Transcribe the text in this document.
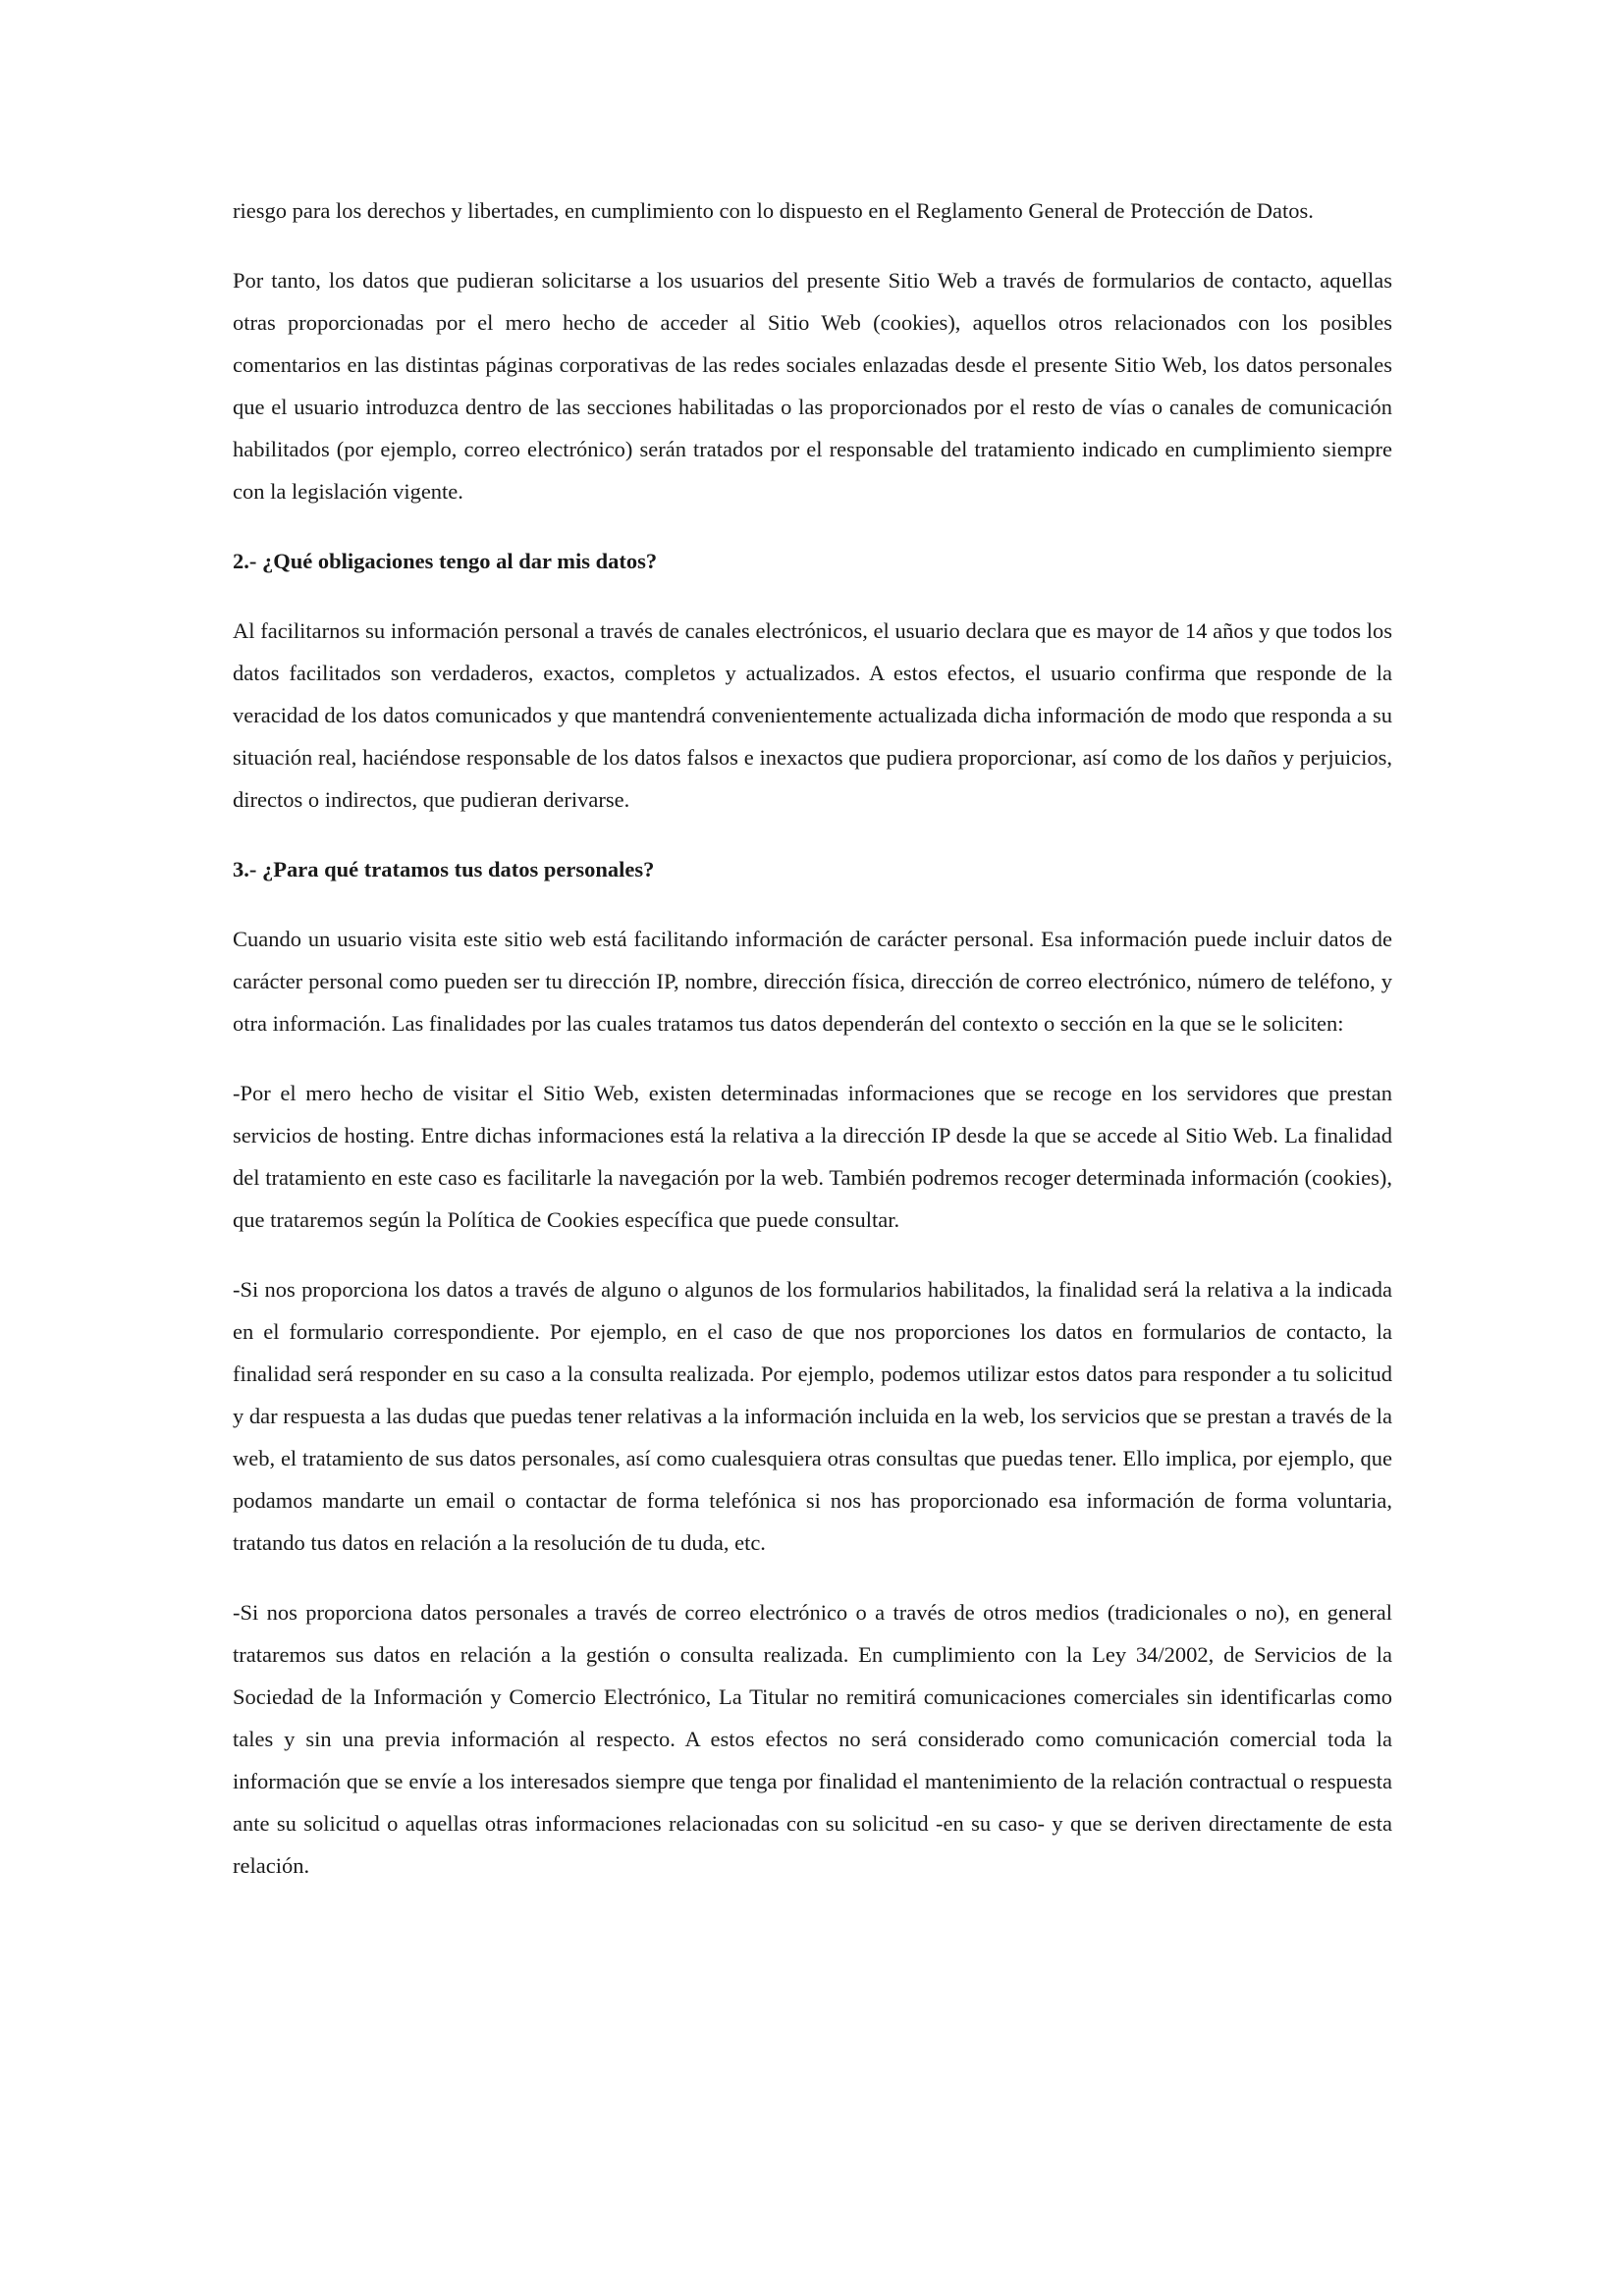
riesgo para los derechos y libertades, en cumplimiento con lo dispuesto en el Reglamento General de Protección de Datos.

Por tanto, los datos que pudieran solicitarse a los usuarios del presente Sitio Web a través de formularios de contacto, aquellas otras proporcionadas por el mero hecho de acceder al Sitio Web (cookies), aquellos otros relacionados con los posibles comentarios en las distintas páginas corporativas de las redes sociales enlazadas desde el presente Sitio Web, los datos personales que el usuario introduzca dentro de las secciones habilitadas o las proporcionados por el resto de vías o canales de comunicación habilitados (por ejemplo, correo electrónico) serán tratados por el responsable del tratamiento indicado en cumplimiento siempre con la legislación vigente.

2.- ¿Qué obligaciones tengo al dar mis datos?

Al facilitarnos su información personal a través de canales electrónicos, el usuario declara que es mayor de 14 años y que todos los datos facilitados son verdaderos, exactos, completos y actualizados. A estos efectos, el usuario confirma que responde de la veracidad de los datos comunicados y que mantendrá convenientemente actualizada dicha información de modo que responda a su situación real, haciéndose responsable de los datos falsos e inexactos que pudiera proporcionar, así como de los daños y perjuicios, directos o indirectos, que pudieran derivarse.

3.- ¿Para qué tratamos tus datos personales?

Cuando un usuario visita este sitio web está facilitando información de carácter personal. Esa información puede incluir datos de carácter personal como pueden ser tu dirección IP, nombre, dirección física, dirección de correo electrónico, número de teléfono, y otra información. Las finalidades por las cuales tratamos tus datos dependerán del contexto o sección en la que se le soliciten:

-Por el mero hecho de visitar el Sitio Web, existen determinadas informaciones que se recoge en los servidores que prestan servicios de hosting. Entre dichas informaciones está la relativa a la dirección IP desde la que se accede al Sitio Web. La finalidad del tratamiento en este caso es facilitarle la navegación por la web. También podremos recoger determinada información (cookies), que trataremos según la Política de Cookies específica que puede consultar.

-Si nos proporciona los datos a través de alguno o algunos de los formularios habilitados, la finalidad será la relativa a la indicada en el formulario correspondiente. Por ejemplo, en el caso de que nos proporciones los datos en formularios de contacto, la finalidad será responder en su caso a la consulta realizada. Por ejemplo, podemos utilizar estos datos para responder a tu solicitud y dar respuesta a las dudas que puedas tener relativas a la información incluida en la web, los servicios que se prestan a través de la web, el tratamiento de sus datos personales, así como cualesquiera otras consultas que puedas tener. Ello implica, por ejemplo, que podamos mandarte un email o contactar de forma telefónica si nos has proporcionado esa información de forma voluntaria, tratando tus datos en relación a la resolución de tu duda, etc.

-Si nos proporciona datos personales a través de correo electrónico o a través de otros medios (tradicionales o no), en general trataremos sus datos en relación a la gestión o consulta realizada. En cumplimiento con la Ley 34/2002, de Servicios de la Sociedad de la Información y Comercio Electrónico, La Titular no remitirá comunicaciones comerciales sin identificarlas como tales y sin una previa información al respecto. A estos efectos no será considerado como comunicación comercial toda la información que se envíe a los interesados siempre que tenga por finalidad el mantenimiento de la relación contractual o respuesta ante su solicitud o aquellas otras informaciones relacionadas con su solicitud -en su caso- y que se deriven directamente de esta relación.
